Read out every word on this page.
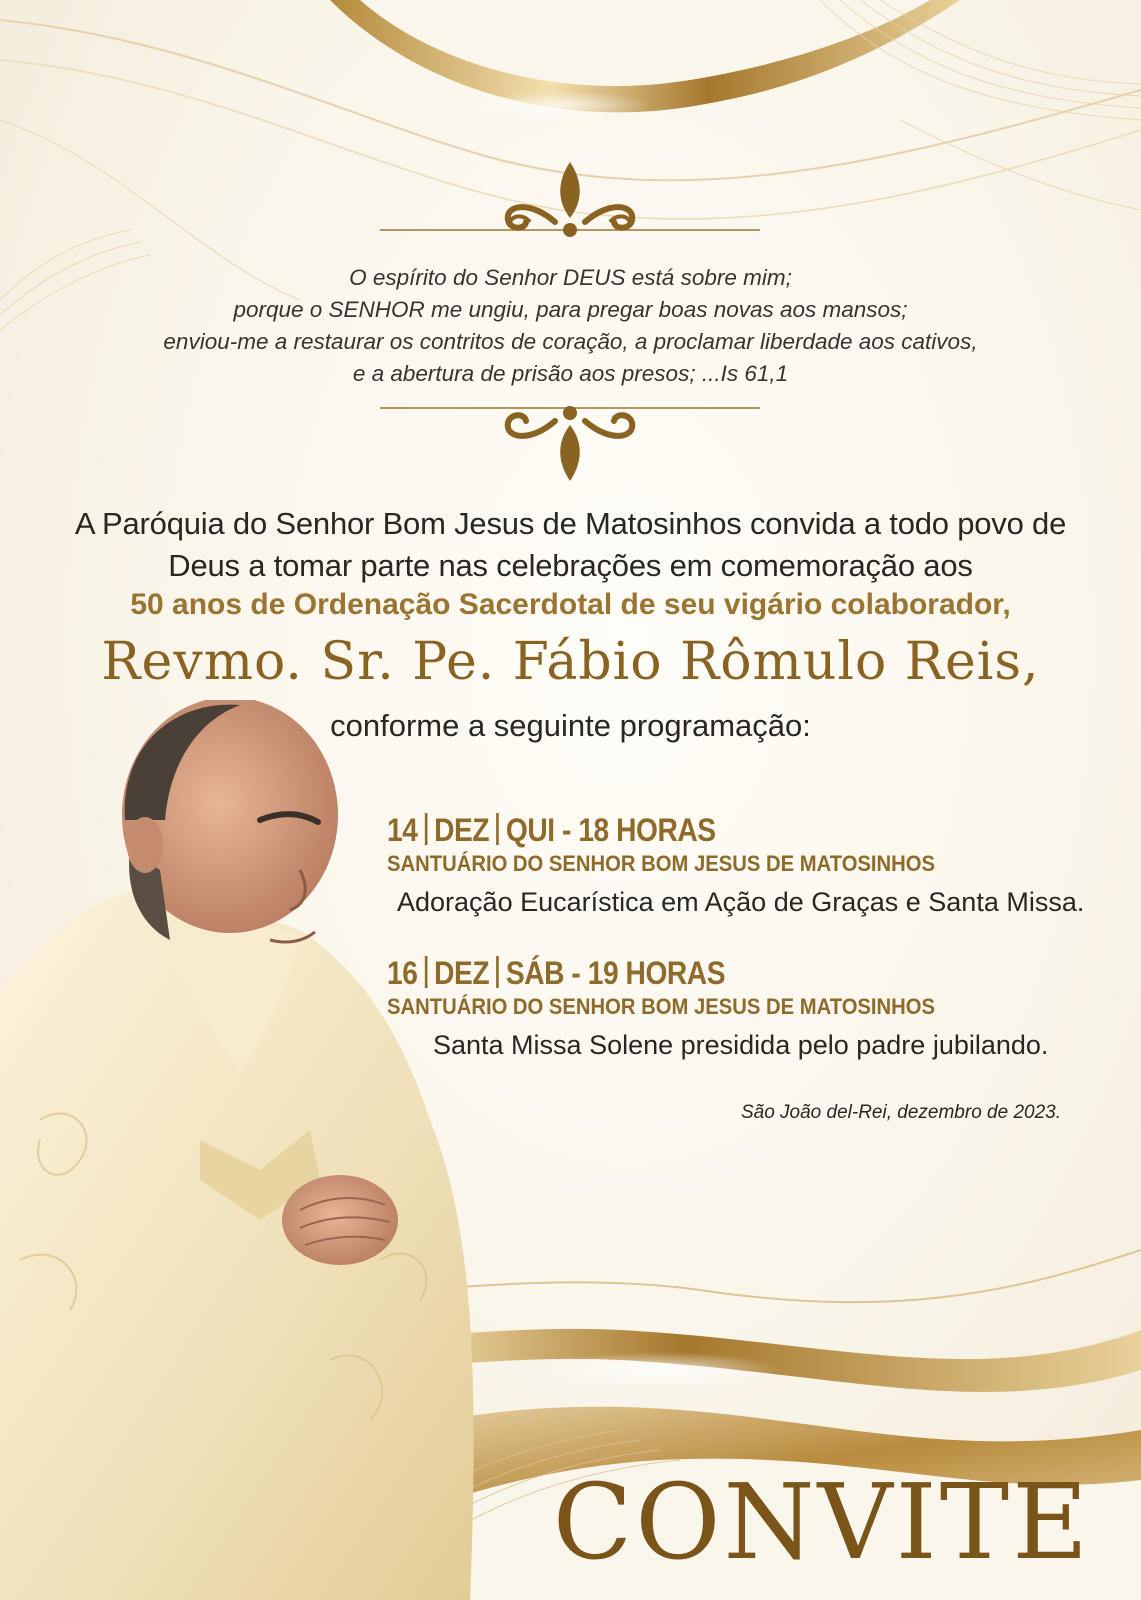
O espírito do Senhor DEUS está sobre mim;
porque o SENHOR me ungiu, para pregar boas novas aos mansos;
enviou-me a restaurar os contritos de coração, a proclamar liberdade aos cativos,
e a abertura de prisão aos presos; ...Is 61,1
A Paróquia do Senhor Bom Jesus de Matosinhos convida a todo povo de
Deus a tomar parte nas celebrações em comemoração aos
50 anos de Ordenação Sacerdotal de seu vigário colaborador,
Revmo. Sr. Pe. Fábio Rômulo Reis,
conforme a seguinte programação:
14 DEZ QUI - 18 HORAS
SANTUÁRIO DO SENHOR BOM JESUS DE MATOSINHOS
Adoração Eucarística em Ação de Graças e Santa Missa.
16 DEZ SÁB - 19 HORAS
SANTUÁRIO DO SENHOR BOM JESUS DE MATOSINHOS
Santa Missa Solene presidida pelo padre jubilando.
São João del-Rei, dezembro de 2023.
CONVITE
